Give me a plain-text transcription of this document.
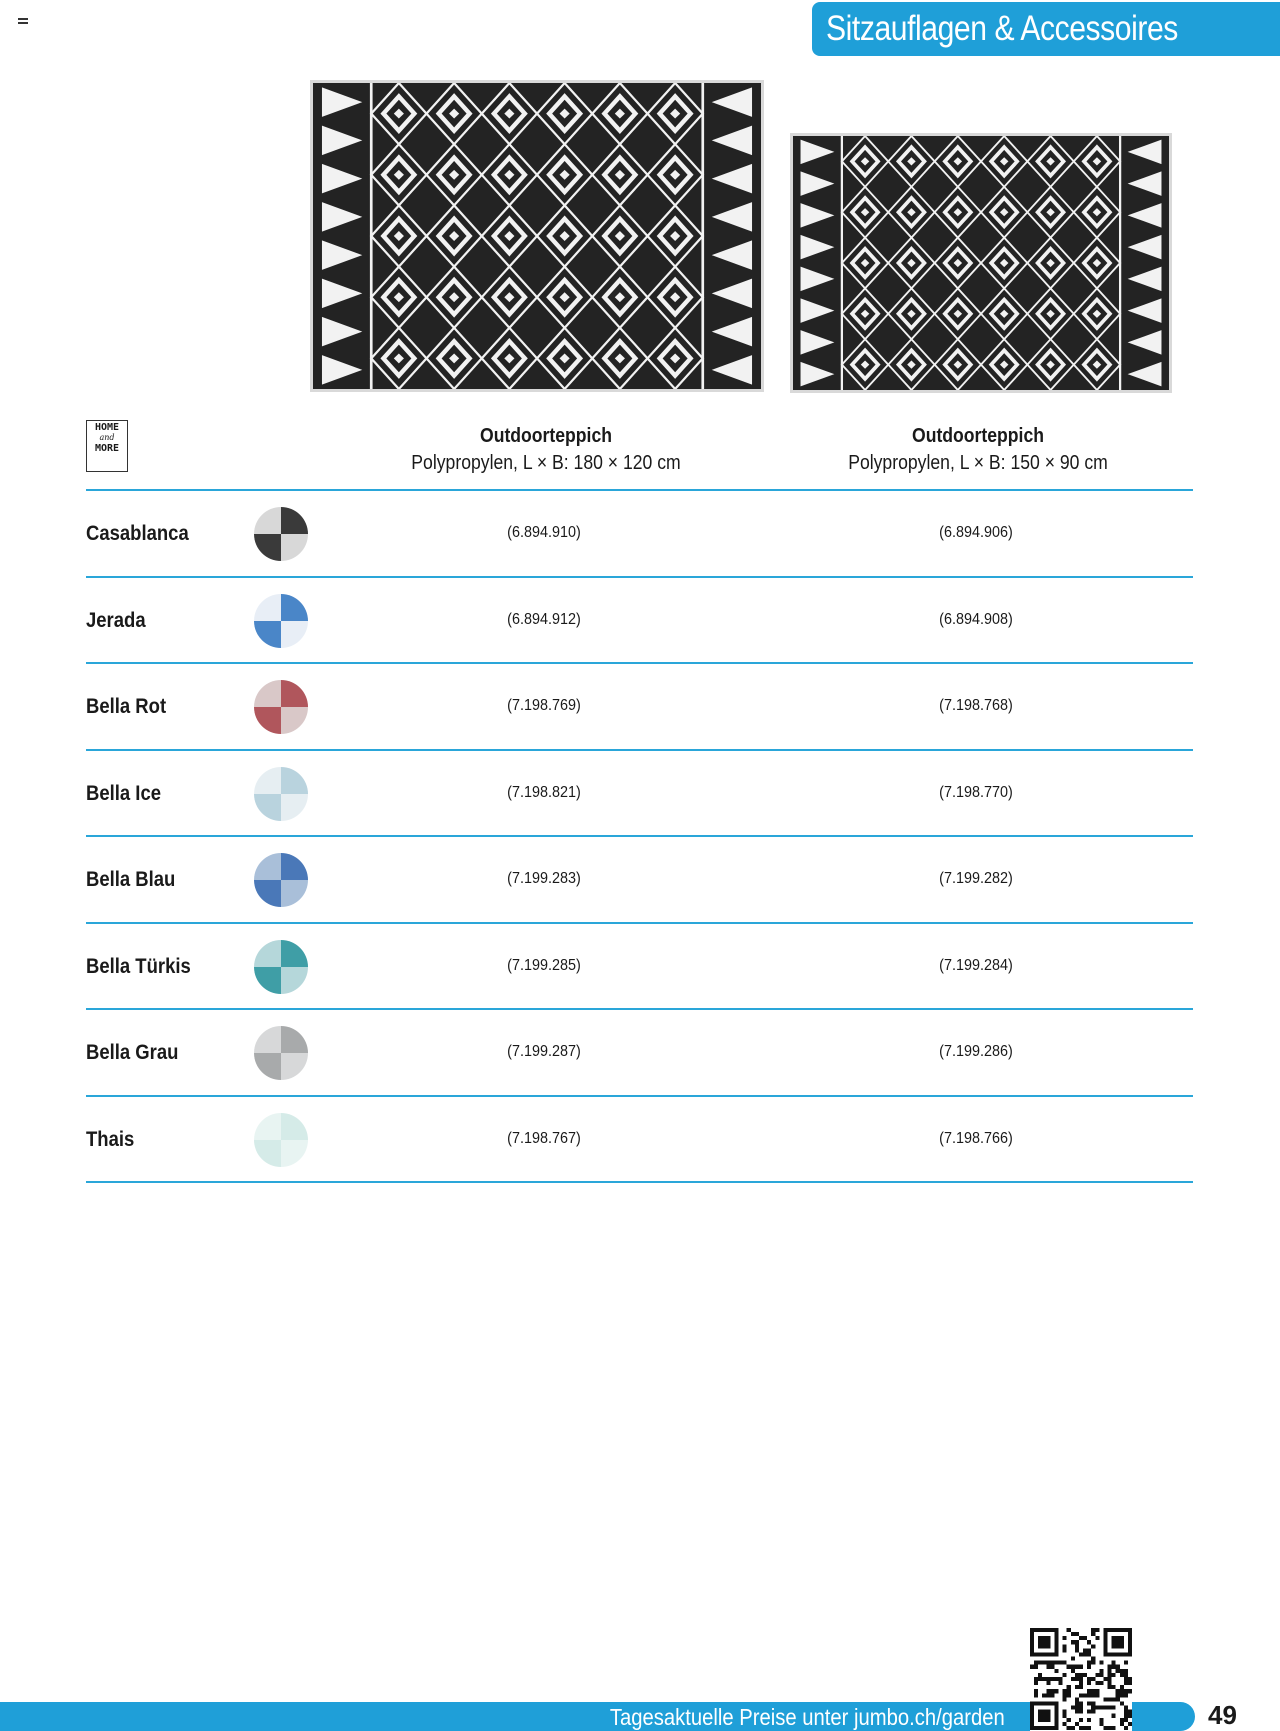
Sitzauflagen & Accessoires
HOME
and
MORE
Outdoorteppich
Polypropylen, L × B: 180 × 120 cm
Outdoorteppich
Polypropylen, L × B: 150 × 90 cm
Casablanca	(6.894.910)	(6.894.906)
Jerada	(6.894.912)	(6.894.908)
Bella Rot	(7.198.769)	(7.198.768)
Bella Ice	(7.198.821)	(7.198.770)
Bella Blau	(7.199.283)	(7.199.282)
Bella Türkis	(7.199.285)	(7.199.284)
Bella Grau	(7.199.287)	(7.199.286)
Thais	(7.198.767)	(7.198.766)
Tagesaktuelle Preise unter jumbo.ch/garden	49
